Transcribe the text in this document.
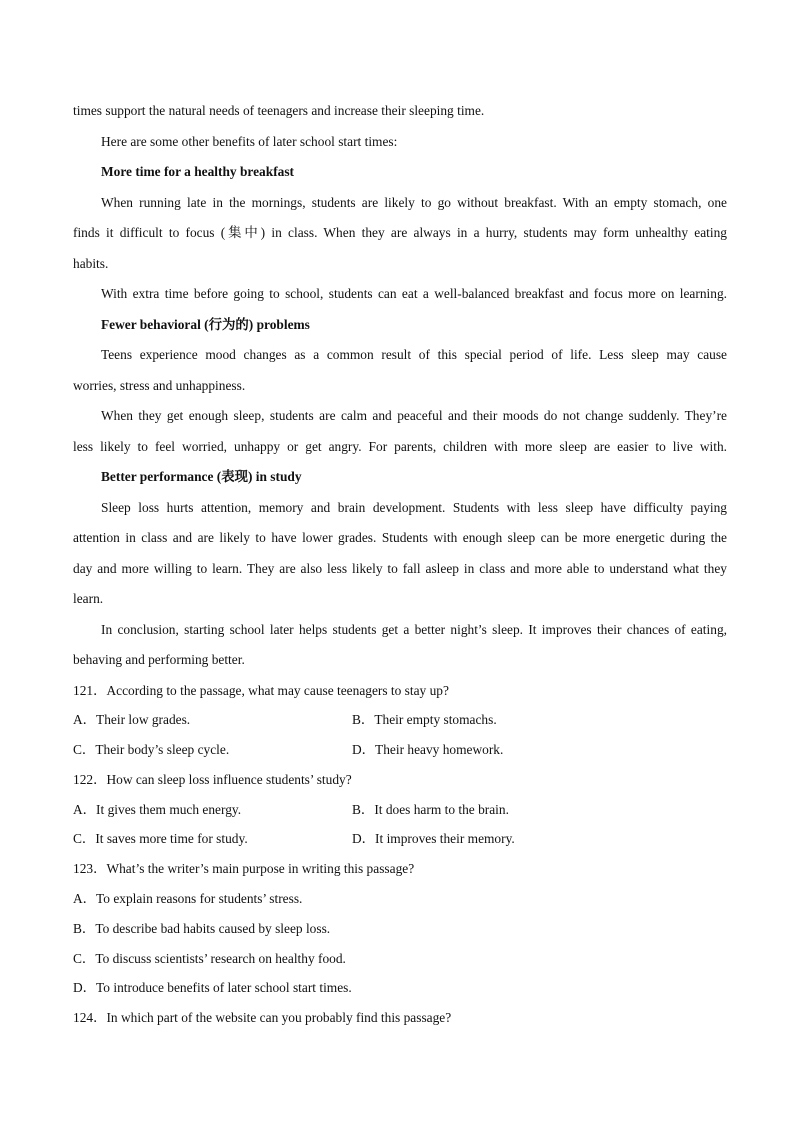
times support the natural needs of teenagers and increase their sleeping time.

Here are some other benefits of later school start times:

More time for a healthy breakfast

When running late in the mornings, students are likely to go without breakfast. With an empty stomach, one

finds it difficult to focus (集中) in class. When they are always in a hurry, students may form unhealthy eating

habits.

With extra time before going to school, students can eat a well-balanced breakfast and focus more on learning.

Fewer behavioral (行为的) problems

Teens experience mood changes as a common result of this special period of life. Less sleep may cause

worries, stress and unhappiness.

When they get enough sleep, students are calm and peaceful and their moods do not change suddenly. They’re

less likely to feel worried, unhappy or get angry. For parents, children with more sleep are easier to live with.

Better performance (表现) in study

Sleep loss hurts attention, memory and brain development. Students with less sleep have difficulty paying

attention in class and are likely to have lower grades. Students with enough sleep can be more energetic during the

day and more willing to learn. They are also less likely to fall asleep in class and more able to understand what they

learn.

In conclusion, starting school later helps students get a better night’s sleep. It improves their chances of eating,

behaving and performing better.

121．According to the passage, what may cause teenagers to stay up?

A．Their low grades.	B．Their empty stomachs.
C．Their body’s sleep cycle.	D．Their heavy homework.

122．How can sleep loss influence students’ study?

A．It gives them much energy.	B．It does harm to the brain.
C．It saves more time for study.	D．It improves their memory.

123．What’s the writer’s main purpose in writing this passage?

A．To explain reasons for students’ stress.

B．To describe bad habits caused by sleep loss.

C．To discuss scientists’ research on healthy food.

D．To introduce benefits of later school start times.

124．In which part of the website can you probably find this passage?
